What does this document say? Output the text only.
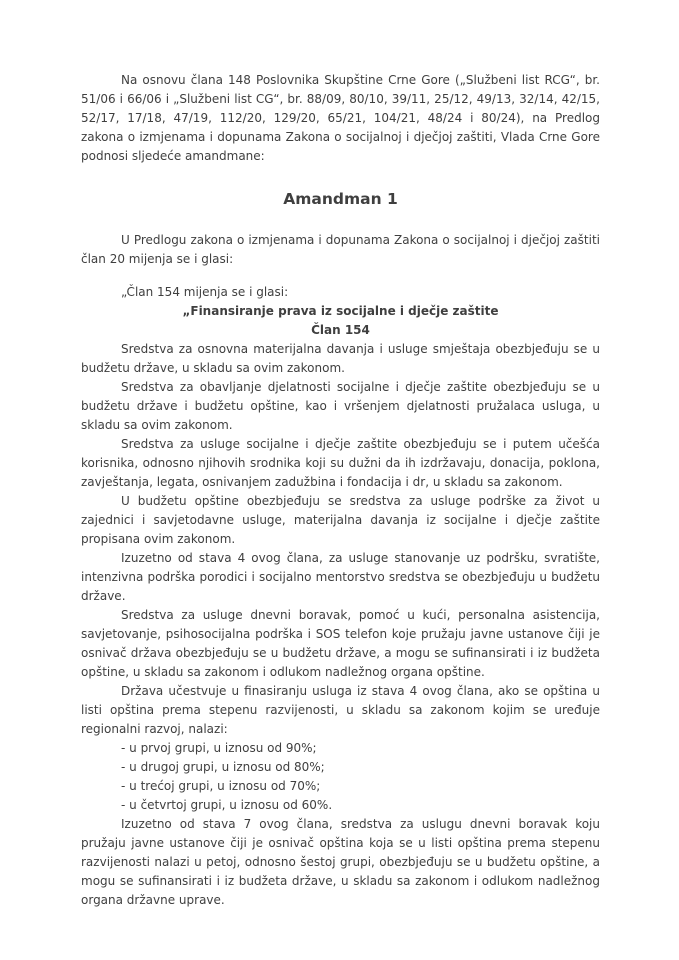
Na osnovu člana 148 Poslovnika Skupštine Crne Gore („Službeni list RCG“, br. 51/06 i 66/06 i „Službeni list CG“, br. 88/09, 80/10, 39/11, 25/12, 49/13, 32/14, 42/15, 52/17, 17/18, 47/19, 112/20, 129/20, 65/21, 104/21, 48/24 i 80/24), na Predlog zakona o izmjenama i dopunama Zakona o socijalnoj i dječjoj zaštiti, Vlada Crne Gore podnosi sljedeće amandmane:

Amandman 1

U Predlogu zakona o izmjenama i dopunama Zakona o socijalnoj i dječjoj zaštiti član 20 mijenja se i glasi:

„Član 154 mijenja se i glasi:

„Finansiranje prava iz socijalne i dječje zaštite

Član 154

Sredstva za osnovna materijalna davanja i usluge smještaja obezbjeđuju se u budžetu države, u skladu sa ovim zakonom.

Sredstva za obavljanje djelatnosti socijalne i dječje zaštite obezbjeđuju se u budžetu države i budžetu opštine, kao i vršenjem djelatnosti pružalaca usluga, u skladu sa ovim zakonom.

Sredstva za usluge socijalne i dječje zaštite obezbjeđuju se i putem učešća korisnika, odnosno njihovih srodnika koji su dužni da ih izdržavaju, donacija, poklona, zavještanja, legata, osnivanjem zadužbina i fondacija i dr, u skladu sa zakonom.

U budžetu opštine obezbjeđuju se sredstva za usluge podrške za život u zajednici i savjetodavne usluge, materijalna davanja iz socijalne i dječje zaštite propisana ovim zakonom.

Izuzetno od stava 4 ovog člana, za usluge stanovanje uz podršku, svratište, intenzivna podrška porodici i socijalno mentorstvo sredstva se obezbjeđuju u budžetu države.

Sredstva za usluge dnevni boravak, pomoć u kući, personalna asistencija, savjetovanje, psihosocijalna podrška i SOS telefon koje pružaju javne ustanove čiji je osnivač država obezbjeđuju se u budžetu države, a mogu se sufinansirati i iz budžeta opštine, u skladu sa zakonom i odlukom nadležnog organa opštine.

Država učestvuje u finasiranju usluga iz stava 4 ovog člana, ako se opština u listi opština prema stepenu razvijenosti, u skladu sa zakonom kojim se uređuje regionalni razvoj, nalazi:

- u prvoj grupi, u iznosu od 90%;

- u drugoj grupi, u iznosu od 80%;

- u trećoj grupi, u iznosu od 70%;

- u četvrtoj grupi, u iznosu od 60%.

Izuzetno od stava 7 ovog člana, sredstva za uslugu dnevni boravak koju pružaju javne ustanove čiji je osnivač opština koja se u listi opština prema stepenu razvijenosti nalazi u petoj, odnosno šestoj grupi, obezbjeđuju se u budžetu opštine, a mogu se sufinansirati i iz budžeta države, u skladu sa zakonom i odlukom nadležnog organa državne uprave.
